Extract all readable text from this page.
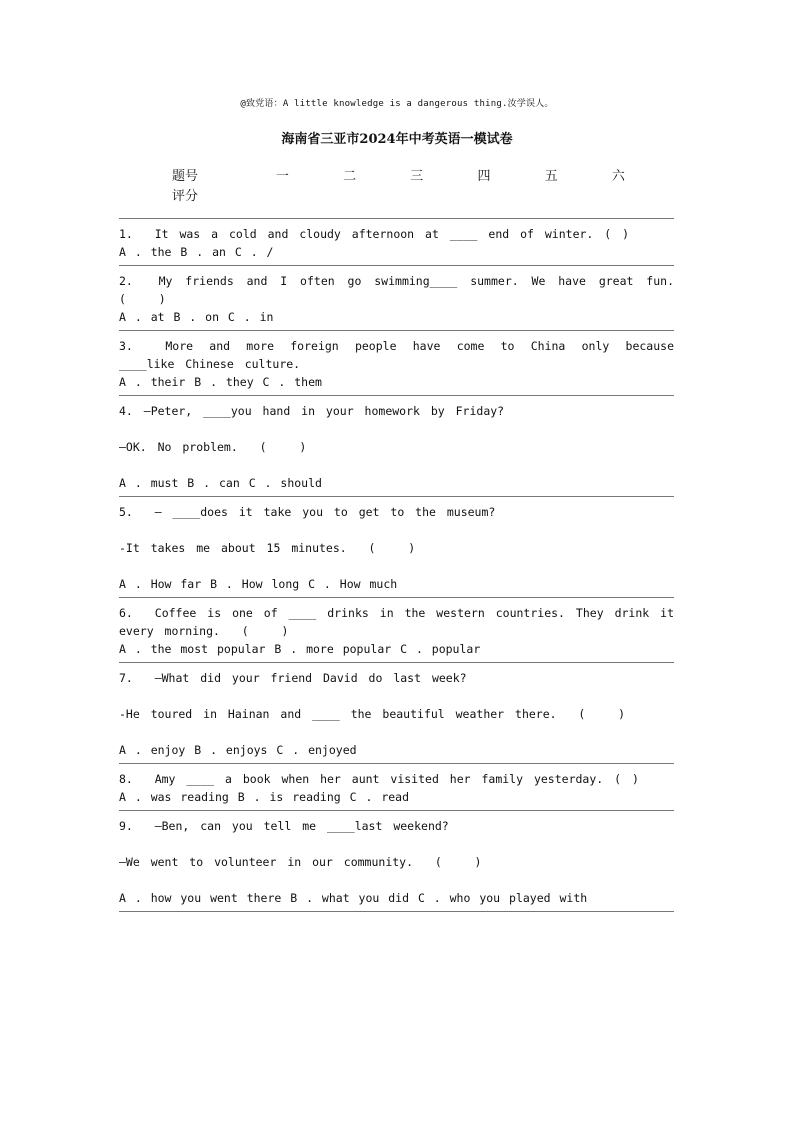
@致党语：A little knowledge is a dangerous thing.汝学误人。
海南省三亚市2024年中考英语一模试卷
题号	一	二	三	四	五	六
评分
1.  It was a cold and cloudy afternoon at ____ end of winter. ( )
A . the B . an C . /
2.  My friends and I often go swimming____ summer. We have great fun.  (   )
A . at B . on C . in
3.  More and more foreign people have come to China only because ____like Chinese culture.
A . their B . they C . them
4. —Peter, ____you hand in your homework by Friday?
—OK. No problem.  (   )
A . must B . can C . should
5.  – ____does it take you to get to the museum?
-It takes me about 15 minutes.  (   )
A . How far B . How long C . How much
6.  Coffee is one of ____ drinks in the western countries. They drink it every morning.  (   )
A . the most popular B . more popular C . popular
7.  —What did your friend David do last week?
-He toured in Hainan and ____ the beautiful weather there.  (   )
A . enjoy B . enjoys C . enjoyed
8.  Amy ____ a book when her aunt visited her family yesterday. ( )
A . was reading B . is reading C . read
9.  —Ben, can you tell me ____last weekend?
—We went to volunteer in our community.  (   )
A . how you went there B . what you did C . who you played with
